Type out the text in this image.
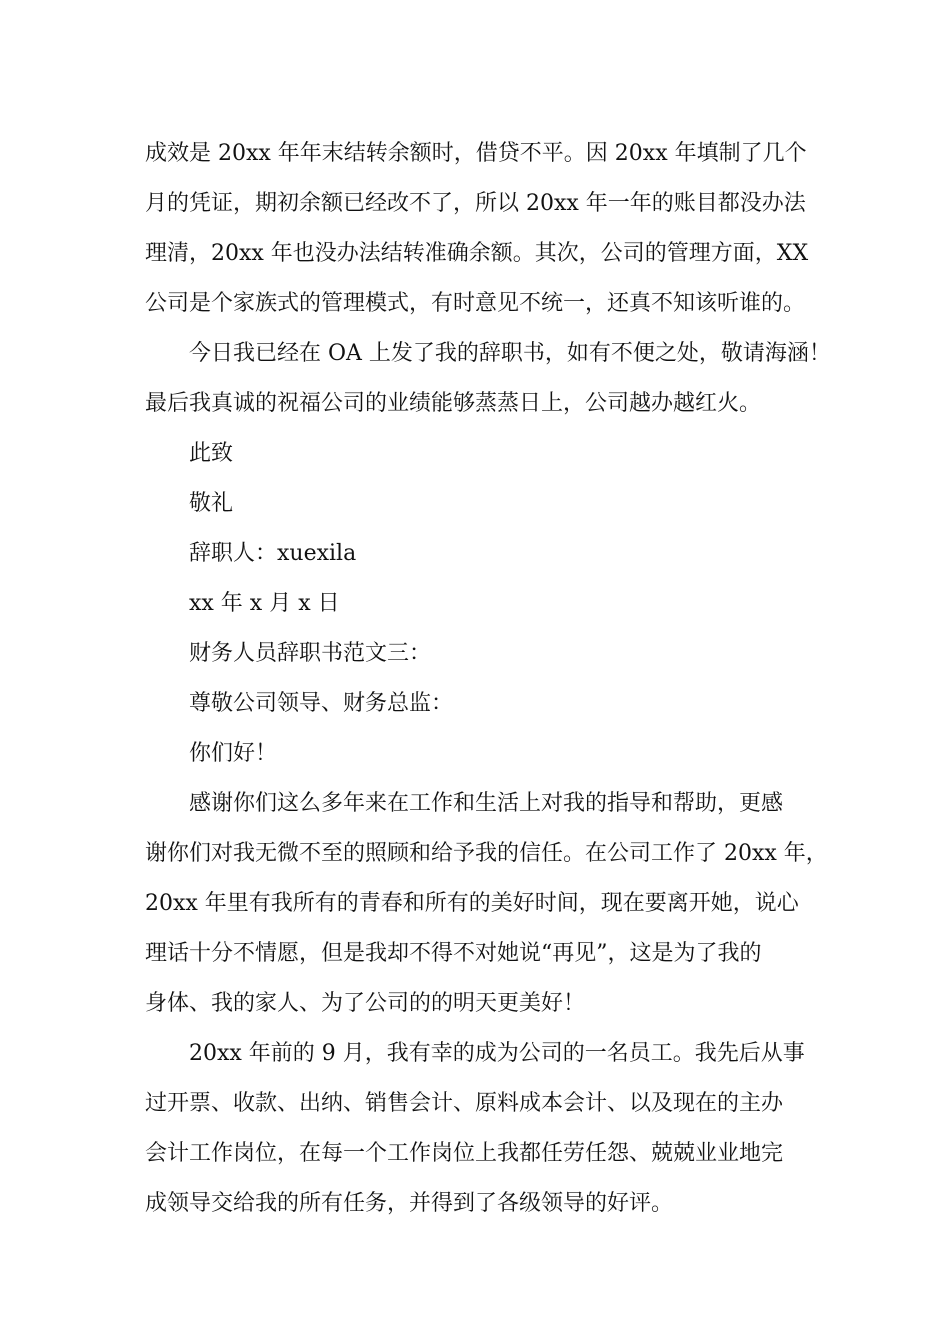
成效是 20xx 年年末结转余额时，借贷不平。因 20xx 年填制了几个
月的凭证，期初余额已经改不了，所以 20xx 年一年的账目都没办法
理清，20xx 年也没办法结转准确余额。其次，公司的管理方面，XX
公司是个家族式的管理模式，有时意见不统一，还真不知该听谁的。
今日我已经在 OA 上发了我的辞职书，如有不便之处，敬请海涵！
最后我真诚的祝福公司的业绩能够蒸蒸日上，公司越办越红火。
此致
敬礼
辞职人：xuexila
xx 年 x 月 x 日
财务人员辞职书范文三：
尊敬公司领导、财务总监：
你们好！
感谢你们这么多年来在工作和生活上对我的指导和帮助，更感
谢你们对我无微不至的照顾和给予我的信任。在公司工作了 20xx 年，
20xx 年里有我所有的青春和所有的美好时间，现在要离开她，说心
理话十分不情愿，但是我却不得不对她说“再见”，这是为了我的
身体、我的家人、为了公司的的明天更美好！
20xx 年前的 9 月，我有幸的成为公司的一名员工。我先后从事
过开票、收款、出纳、销售会计、原料成本会计、以及现在的主办
会计工作岗位，在每一个工作岗位上我都任劳任怨、兢兢业业地完
成领导交给我的所有任务，并得到了各级领导的好评。
